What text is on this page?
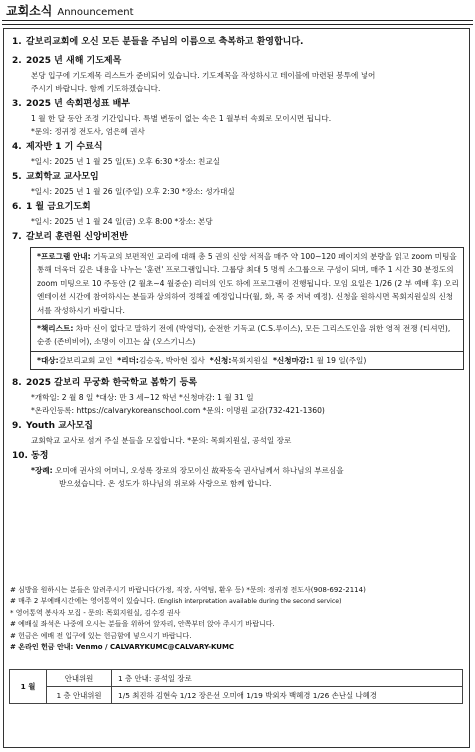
교회소식 Announcement
1. 갈보리교회에 오신 모든 분들을 주님의 이름으로 축복하고 환영합니다.
2. 2025 년 새해 기도제목
본당 입구에 기도제목 리스트가 준비되어 있습니다. 기도제목을 작성하시고 테이블에 마련된 봉투에 넣어
주시기 바랍니다. 함께 기도하겠습니다.
3. 2025 년 속회편성표 배부
1 월 한 달 동안 조정 기간입니다. 특별 변동이 없는 속은 1 월부터 속회로 모이시면 됩니다.
*문의: 정귀정 전도사, 엄은혜 권사
4. 제자반 1 기 수료식
*일시: 2025 년 1 월 25 일(토) 오후 6:30 *장소: 친교실
5. 교회학교 교사모임
*일시: 2025 년 1 월 26 일(주일) 오후 2:30 *장소: 성가대실
6. 1 월 금요기도회
*일시: 2025 년 1 월 24 일(금) 오후 8:00 *장소: 본당
7. 갈보리 훈련원 신앙비전반
*프로그램 안내: 기독교의 보편적인 교리에 대해 총 5 권의 신앙 서적을 매주 약 100~120 페이지의 분량을 읽고 zoom 미팅을 통해 더욱더 깊은 내용을 나누는 '훈련' 프로그램입니다. 그룹당 최대 5 명씩 소그룹으로 구성이 되며, 매주 1 시간 30 분정도의 zoom 미팅으로 10 주동안 (2 월초~4 월중순) 리더의 인도 하에 프로그램이 진행됩니다. 모임 요일은 1/26 (2 부 예배 후) 오리엔테이션 시간에 참여하시는 분들과 상의하여 정해질 예정입니다(월, 화, 목 중 저녁 예정). 신청을 원하시면 목회지원실의 신청서를 작성하시기 바랍니다.
*책리스트: 차마 신이 없다고 말하기 전에 (박영덕), 순전한 기독교 (C.S.루이스), 모든 그리스도인을 위한 영적 전쟁 (티셔먼), 순종 (존비비어), 소명이 이끄는 삶 (오스기니스)
*대상:갈보리교회 교인 *리더:김승욱, 박아현 집사 *신청:목회지원실 *신청마감:1 월 19 일(주일)
8. 2025 갈보리 무궁화 한국학교 봄학기 등록
*개학일: 2 월 8 일 *대상: 만 3 세~12 학년 *신청마감: 1 월 31 일
*온라인등록: https://calvarykoreanschool.com *문의: 이명원 교감(732-421-1360)
9. Youth 교사모집
교회학교 교사로 섬겨 주실 분들을 모집합니다. *문의: 목회지원실, 공석일 장로
10. 동정
*장례: 오미애 권사의 어머니, 오성록 장로의 장모이신 故곽동숙 권사님께서 하나님의 부르심을
받으셨습니다. 온 성도가 하나님의 위로와 사랑으로 함께 합니다.
# 심방을 원하시는 분들은 알려주시기 바랍니다(가정, 직장, 사역팀, 환우 등) *문의: 정귀정 전도사(908-692-2114)
# 매주 2 부예배시간에는 영어통역이 있습니다. (English interpretation available during the second service)
* 영어통역 봉사자 모집 - 문의: 목회지원실, 김수경 권사
# 예배실 좌석은 나중에 오시는 분들을 위하여 앞자리, 안쪽부터 앉아 주시기 바랍니다.
# 헌금은 예배 전 입구에 있는 헌금함에 넣으시기 바랍니다.
# 온라인 헌금 안내: Venmo / CALVARYKUMC@CALVARY-KUMC
1 월	안내위원	1 층 안내: 공석일 장로
	1 층 안내위원	1/5 최진하 김현숙 1/12 장은선 오미애 1/19 박외자 백혜경 1/26 손난실 나혜경
